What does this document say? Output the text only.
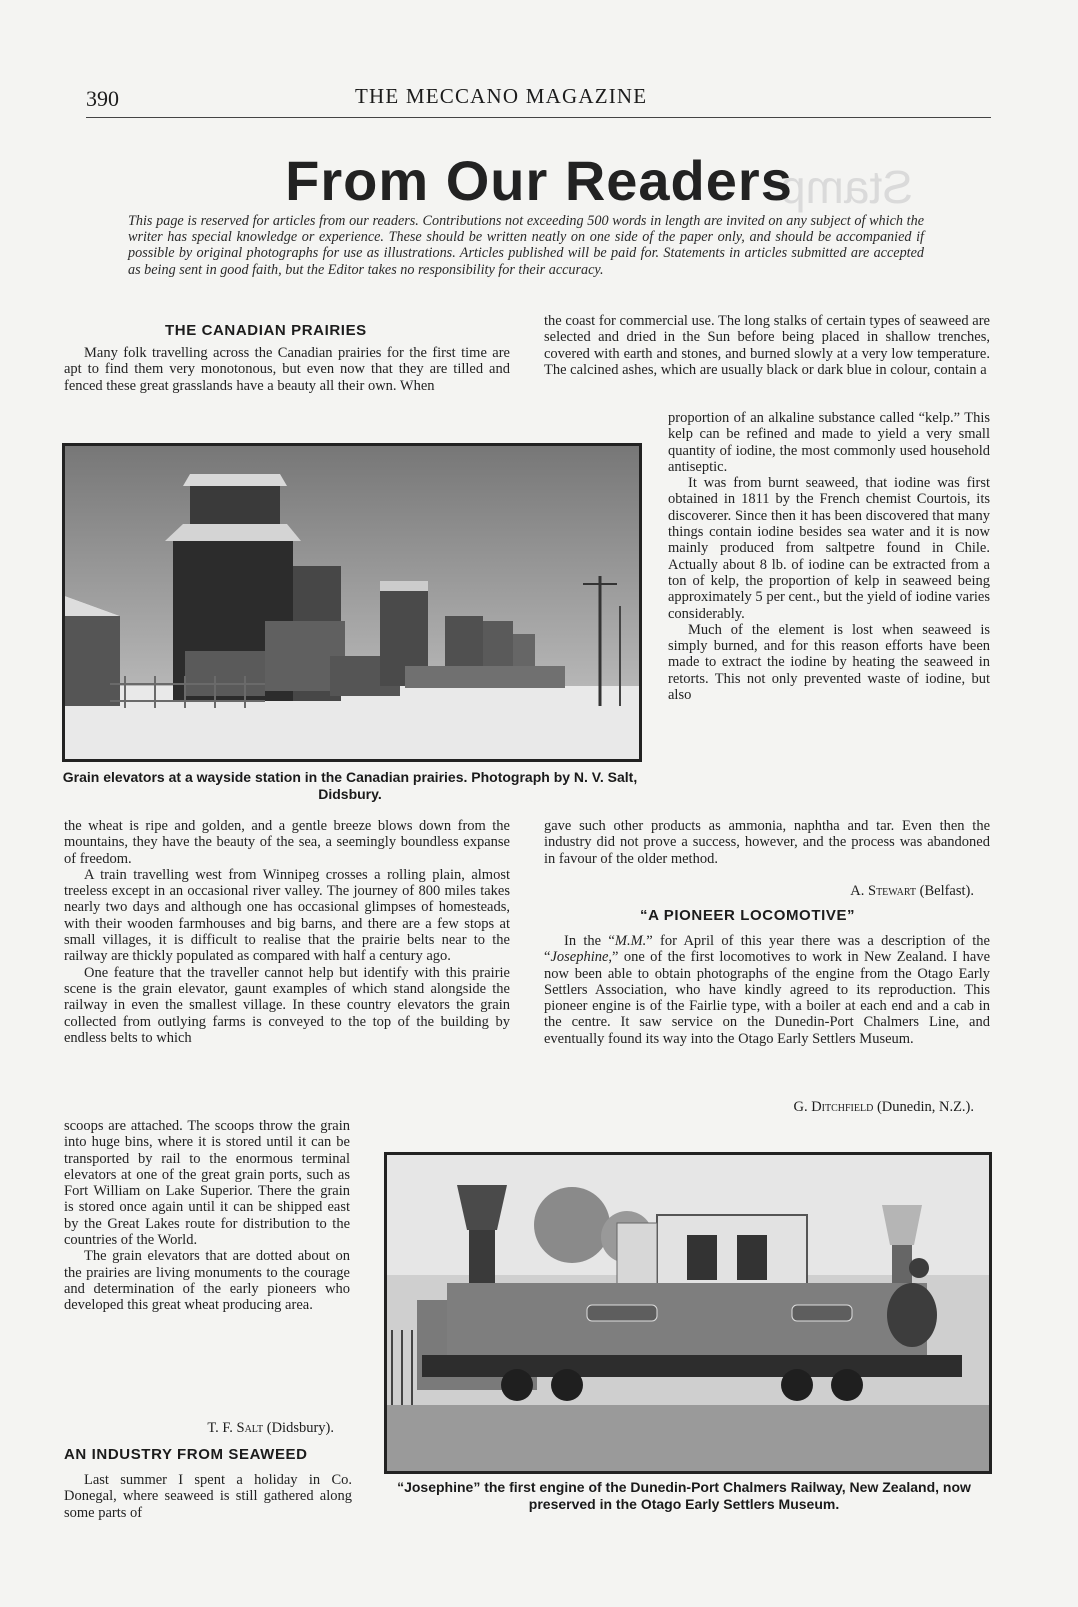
390	THE MECCANO MAGAZINE
Stamp
From Our Readers
This page is reserved for articles from our readers. Contributions not exceeding 500 words in length are invited on any subject of which the writer has special knowledge or experience. These should be written neatly on one side of the paper only, and should be accompanied if possible by original photographs for use as illustrations. Articles published will be paid for. Statements in articles submitted are accepted as being sent in good faith, but the Editor takes no responsibility for their accuracy.
THE CANADIAN PRAIRIES

Many folk travelling across the Canadian prairies for the first time are apt to find them very monotonous, but even now that they are tilled and fenced these great grasslands have a beauty all their own. When

Grain elevators at a wayside station in the Canadian prairies. Photograph by N. V. Salt, Didsbury.

the wheat is ripe and golden, and a gentle breeze blows down from the mountains, they have the beauty of the sea, a seemingly boundless expanse of freedom.

A train travelling west from Winnipeg crosses a rolling plain, almost treeless except in an occasional river valley. The journey of 800 miles takes nearly two days and although one has occasional glimpses of homesteads, with their wooden farmhouses and big barns, and there are a few stops at small villages, it is difficult to realise that the prairie belts near to the railway are thickly populated as compared with half a century ago.

One feature that the traveller cannot help but identify with this prairie scene is the grain elevator, gaunt examples of which stand alongside the railway in even the smallest village. In these country elevators the grain collected from outlying farms is conveyed to the top of the building by endless belts to which

scoops are attached. The scoops throw the grain into huge bins, where it is stored until it can be transported by rail to the enormous terminal elevators at one of the great grain ports, such as Fort William on Lake Superior. There the grain is stored once again until it can be shipped east by the Great Lakes route for distribution to the countries of the World.

The grain elevators that are dotted about on the prairies are living monuments to the courage and determination of the early pioneers who developed this great wheat producing area.

T. F. Salt (Didsbury).
AN INDUSTRY FROM SEAWEED

Last summer I spent a holiday in Co. Donegal, where seaweed is still gathered along some parts of

the coast for commercial use. The long stalks of certain types of seaweed are selected and dried in the Sun before being placed in shallow trenches, covered with earth and stones, and burned slowly at a very low temperature. The calcined ashes, which are usually black or dark blue in colour, contain a

proportion of an alkaline substance called “kelp.” This kelp can be refined and made to yield a very small quantity of iodine, the most commonly used household antiseptic.

It was from burnt seaweed, that iodine was first obtained in 1811 by the French chemist Courtois, its discoverer. Since then it has been discovered that many things contain iodine besides sea water and it is now mainly produced from saltpetre found in Chile. Actually about 8 lb. of iodine can be extracted from a ton of kelp, the proportion of kelp in seaweed being approximately 5 per cent., but the yield of iodine varies considerably.

Much of the element is lost when seaweed is simply burned, and for this reason efforts have been made to extract the iodine by heating the seaweed in retorts. This not only prevented waste of iodine, but also

gave such other products as ammonia, naphtha and tar. Even then the industry did not prove a success, however, and the process was abandoned in favour of the older method.

A. Stewart (Belfast).
“A PIONEER LOCOMOTIVE”

In the “M.M.” for April of this year there was a description of the “Josephine,” one of the first locomotives to work in New Zealand. I have now been able to obtain photographs of the engine from the Otago Early Settlers Association, who have kindly agreed to its reproduction. This pioneer engine is of the Fairlie type, with a boiler at each end and a cab in the centre. It saw service on the Dunedin-Port Chalmers Line, and eventually found its way into the Otago Early Settlers Museum.

G. Ditchfield (Dunedin, N.Z.).
“Josephine” the first engine of the Dunedin-Port Chalmers Railway, New Zealand, now preserved in the Otago Early Settlers Museum.
